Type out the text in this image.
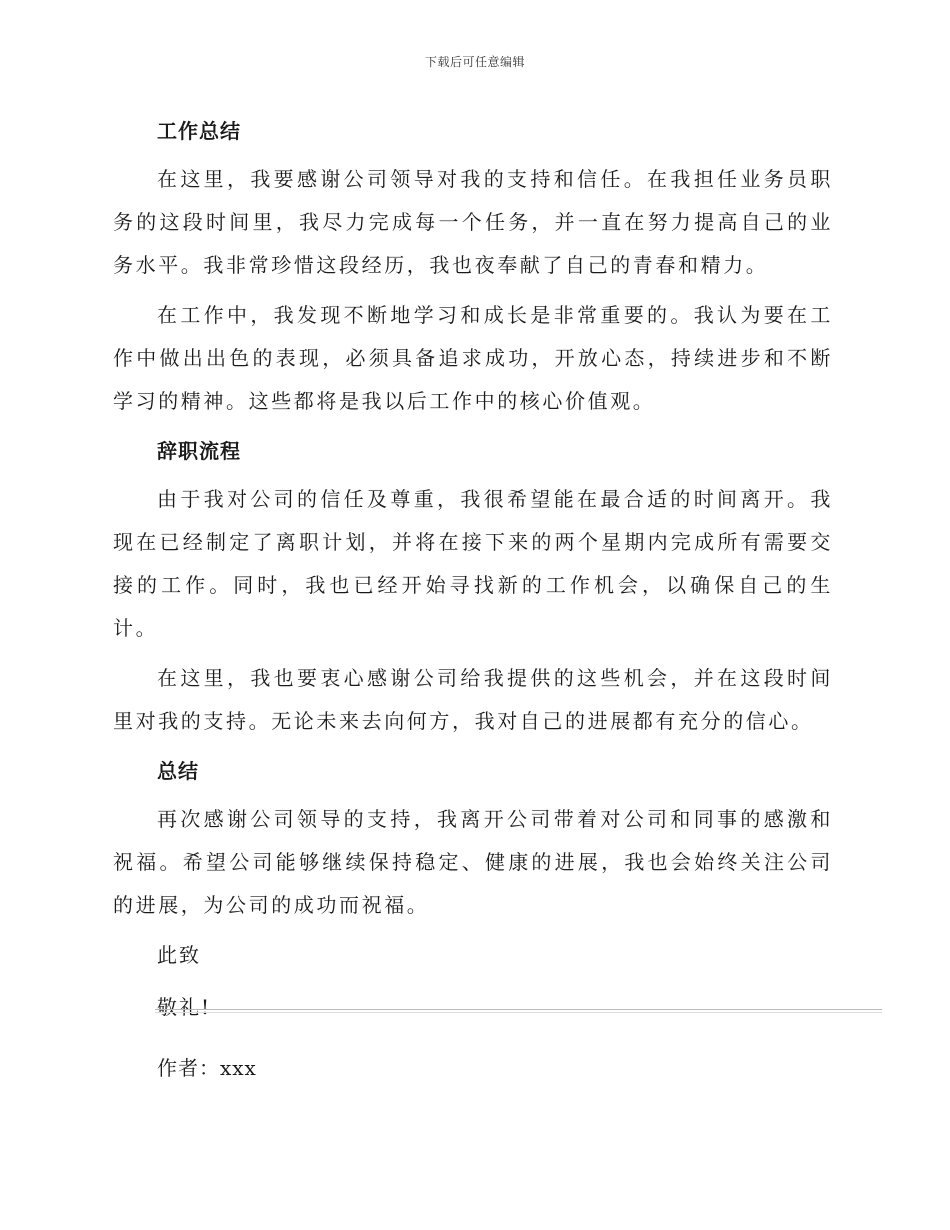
下载后可任意编辑
工作总结

在这里，我要感谢公司领导对我的支持和信任。在我担任业务员职务的这段时间里，我尽力完成每一个任务，并一直在努力提高自己的业务水平。我非常珍惜这段经历，我也夜奉献了自己的青春和精力。

在工作中，我发现不断地学习和成长是非常重要的。我认为要在工作中做出出色的表现，必须具备追求成功，开放心态，持续进步和不断学习的精神。这些都将是我以后工作中的核心价值观。

辞职流程

由于我对公司的信任及尊重，我很希望能在最合适的时间离开。我现在已经制定了离职计划，并将在接下来的两个星期内完成所有需要交接的工作。同时，我也已经开始寻找新的工作机会，以确保自己的生计。

在这里，我也要衷心感谢公司给我提供的这些机会，并在这段时间里对我的支持。无论未来去向何方，我对自己的进展都有充分的信心。

总结

再次感谢公司领导的支持，我离开公司带着对公司和同事的感激和祝福。希望公司能够继续保持稳定、健康的进展，我也会始终关注公司的进展，为公司的成功而祝福。

此致
敬礼!
作者：xxx
